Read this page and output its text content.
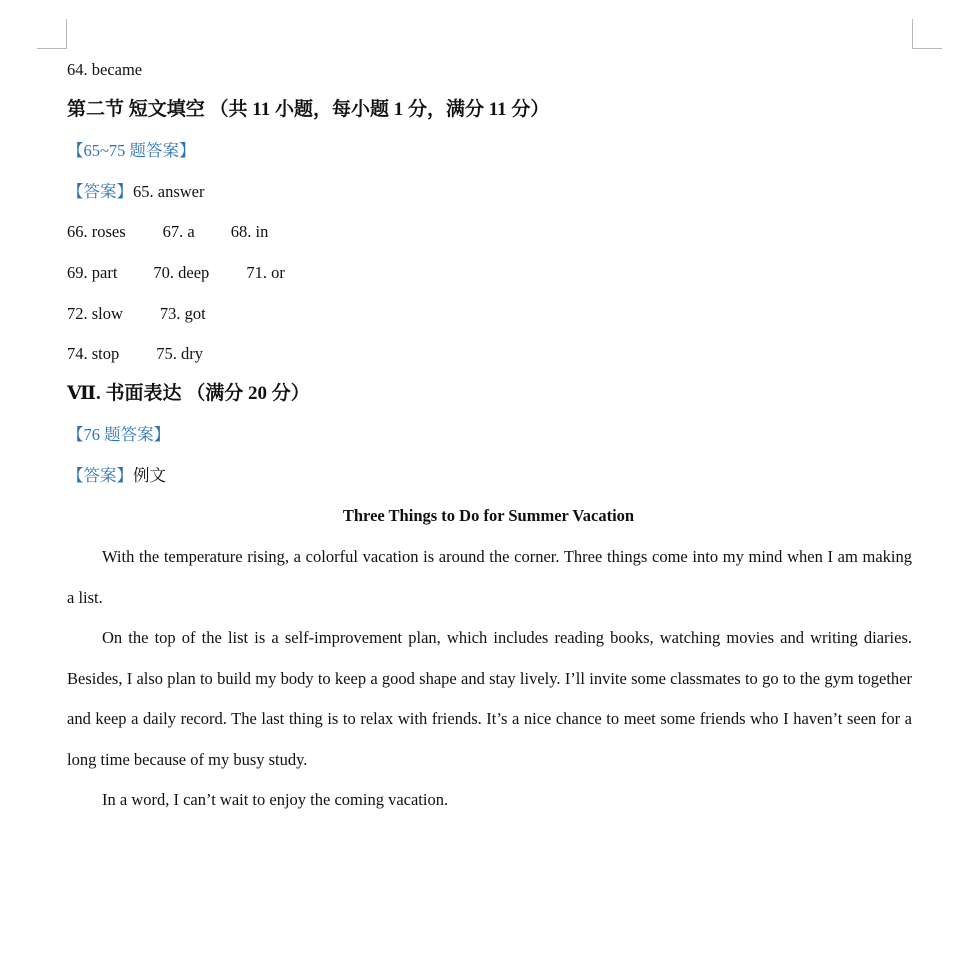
64. became
第二节 短文填空 （共 11 小题，每小题 1 分，满分 11 分）
【65~75 题答案】
【答案】65. answer
66. roses 67. a 68. in
69. part 70. deep 71. or
72. slow 73. got
74. stop 75. dry
Ⅶ. 书面表达 （满分 20 分）
【76 题答案】
【答案】例文
Three Things to Do for Summer Vacation
With the temperature rising, a colorful vacation is around the corner. Three things come into my mind when I am making a list.
On the top of the list is a self-improvement plan, which includes reading books, watching movies and writing diaries. Besides, I also plan to build my body to keep a good shape and stay lively. I’ll invite some classmates to go to the gym together and keep a daily record. The last thing is to relax with friends. It’s a nice chance to meet some friends who I haven’t seen for a long time because of my busy study.
In a word, I can’t wait to enjoy the coming vacation.
